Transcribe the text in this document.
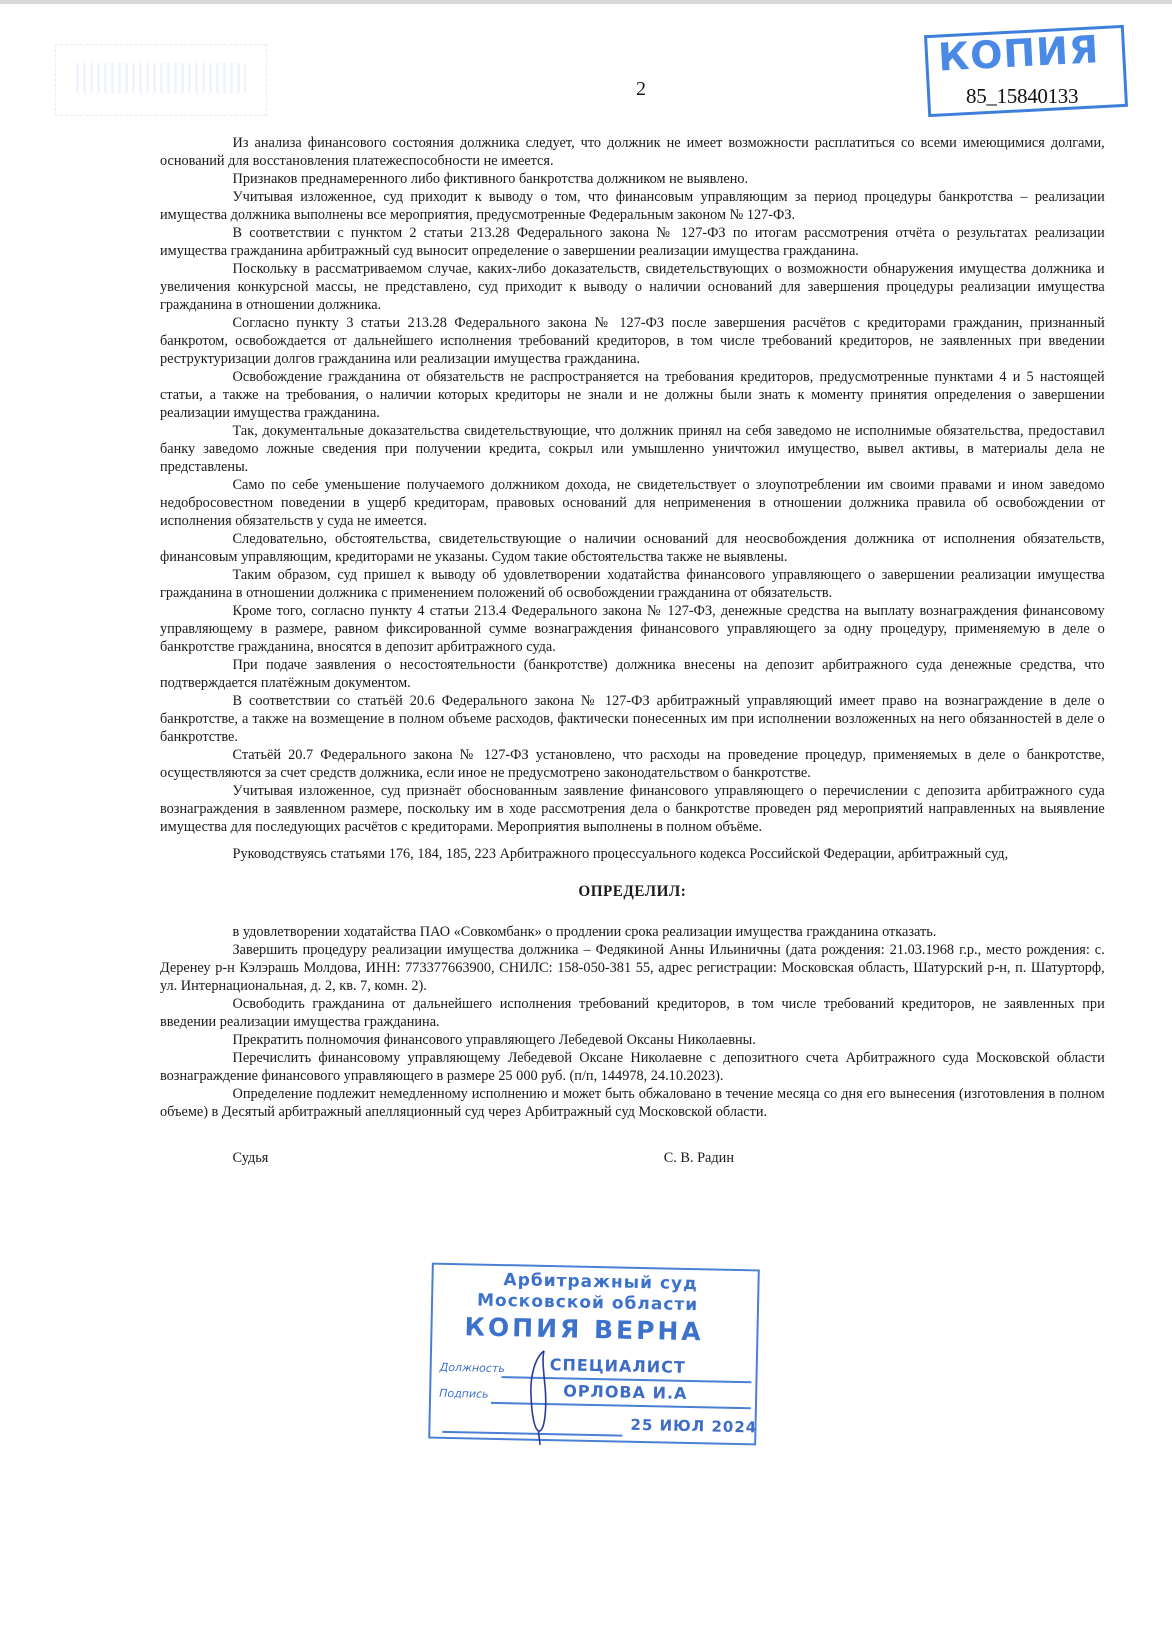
2
КОПИЯ
85_15840133

Из анализа финансового состояния должника следует, что должник не имеет возможности расплатиться со всеми имеющимися долгами, оснований для восстановления платежеспособности не имеется.

Признаков преднамеренного либо фиктивного банкротства должником не выявлено.

Учитывая изложенное, суд приходит к выводу о том, что финансовым управляющим за период процедуры банкротства – реализации имущества должника выполнены все мероприятия, предусмотренные Федеральным законом № 127-ФЗ.

В соответствии с пунктом 2 статьи 213.28 Федерального закона № 127-ФЗ по итогам рассмотрения отчёта о результатах реализации имущества гражданина арбитражный суд выносит определение о завершении реализации имущества гражданина.

Поскольку в рассматриваемом случае, каких-либо доказательств, свидетельствующих о возможности обнаружения имущества должника и увеличения конкурсной массы, не представлено, суд приходит к выводу о наличии оснований для завершения процедуры реализации имущества гражданина в отношении должника.

Согласно пункту 3 статьи 213.28 Федерального закона № 127-ФЗ после завершения расчётов с кредиторами гражданин, признанный банкротом, освобождается от дальнейшего исполнения требований кредиторов, в том числе требований кредиторов, не заявленных при введении реструктуризации долгов гражданина или реализации имущества гражданина.

Освобождение гражданина от обязательств не распространяется на требования кредиторов, предусмотренные пунктами 4 и 5 настоящей статьи, а также на требования, о наличии которых кредиторы не знали и не должны были знать к моменту принятия определения о завершении реализации имущества гражданина.

Так, документальные доказательства свидетельствующие, что должник принял на себя заведомо не исполнимые обязательства, предоставил банку заведомо ложные сведения при получении кредита, сокрыл или умышленно уничтожил имущество, вывел активы, в материалы дела не представлены.

Само по себе уменьшение получаемого должником дохода, не свидетельствует о злоупотреблении им своими правами и ином заведомо недобросовестном поведении в ущерб кредиторам, правовых оснований для неприменения в отношении должника правила об освобождении от исполнения обязательств у суда не имеется.

Следовательно, обстоятельства, свидетельствующие о наличии оснований для неосвобождения должника от исполнения обязательств, финансовым управляющим, кредиторами не указаны. Судом такие обстоятельства также не выявлены.

Таким образом, суд пришел к выводу об удовлетворении ходатайства финансового управляющего о завершении реализации имущества гражданина в отношении должника с применением положений об освобождении гражданина от обязательств.

Кроме того, согласно пункту 4 статьи 213.4 Федерального закона № 127-ФЗ, денежные средства на выплату вознаграждения финансовому управляющему в размере, равном фиксированной сумме вознаграждения финансового управляющего за одну процедуру, применяемую в деле о банкротстве гражданина, вносятся в депозит арбитражного суда.

При подаче заявления о несостоятельности (банкротстве) должника внесены на депозит арбитражного суда денежные средства, что подтверждается платёжным документом.

В соответствии со статьёй 20.6 Федерального закона № 127-ФЗ арбитражный управляющий имеет право на вознаграждение в деле о банкротстве, а также на возмещение в полном объеме расходов, фактически понесенных им при исполнении возложенных на него обязанностей в деле о банкротстве.

Статьёй 20.7 Федерального закона № 127-ФЗ установлено, что расходы на проведение процедур, применяемых в деле о банкротстве, осуществляются за счет средств должника, если иное не предусмотрено законодательством о банкротстве.

Учитывая изложенное, суд признаёт обоснованным заявление финансового управляющего о перечислении с депозита арбитражного суда вознаграждения в заявленном размере, поскольку им в ходе рассмотрения дела о банкротстве проведен ряд мероприятий направленных на выявление имущества для последующих расчётов с кредиторами. Мероприятия выполнены в полном объёме.

Руководствуясь статьями 176, 184, 185, 223 Арбитражного процессуального кодекса Российской Федерации, арбитражный суд,

ОПРЕДЕЛИЛ:

в удовлетворении ходатайства ПАО «Совкомбанк» о продлении срока реализации имущества гражданина отказать.

Завершить процедуру реализации имущества должника – Федякиной Анны Ильиничны (дата рождения: 21.03.1968 г.р., место рождения: с. Деренеу р-н Кэлэрашь Молдова, ИНН: 773377663900, СНИЛС: 158-050-381 55, адрес регистрации: Московская область, Шатурский р-н, п. Шатурторф, ул. Интернациональная, д. 2, кв. 7, комн. 2).

Освободить гражданина от дальнейшего исполнения требований кредиторов, в том числе требований кредиторов, не заявленных при введении реализации имущества гражданина.

Прекратить полномочия финансового управляющего Лебедевой Оксаны Николаевны.

Перечислить финансовому управляющему Лебедевой Оксане Николаевне с депозитного счета Арбитражного суда Московской области вознаграждение финансового управляющего в размере 25 000 руб. (п/п, 144978, 24.10.2023).

Определение подлежит немедленному исполнению и может быть обжаловано в течение месяца со дня его вынесения (изготовления в полном объеме) в Десятый арбитражный апелляционный суд через Арбитражный суд Московской области.

Судья	С. В. Радин
Арбитражный суд
Московской области
КОПИЯ ВЕРНА
Должность
Подпись
СПЕЦИАЛИСТ
ОРЛОВА И.А
25 ИЮЛ 2024
